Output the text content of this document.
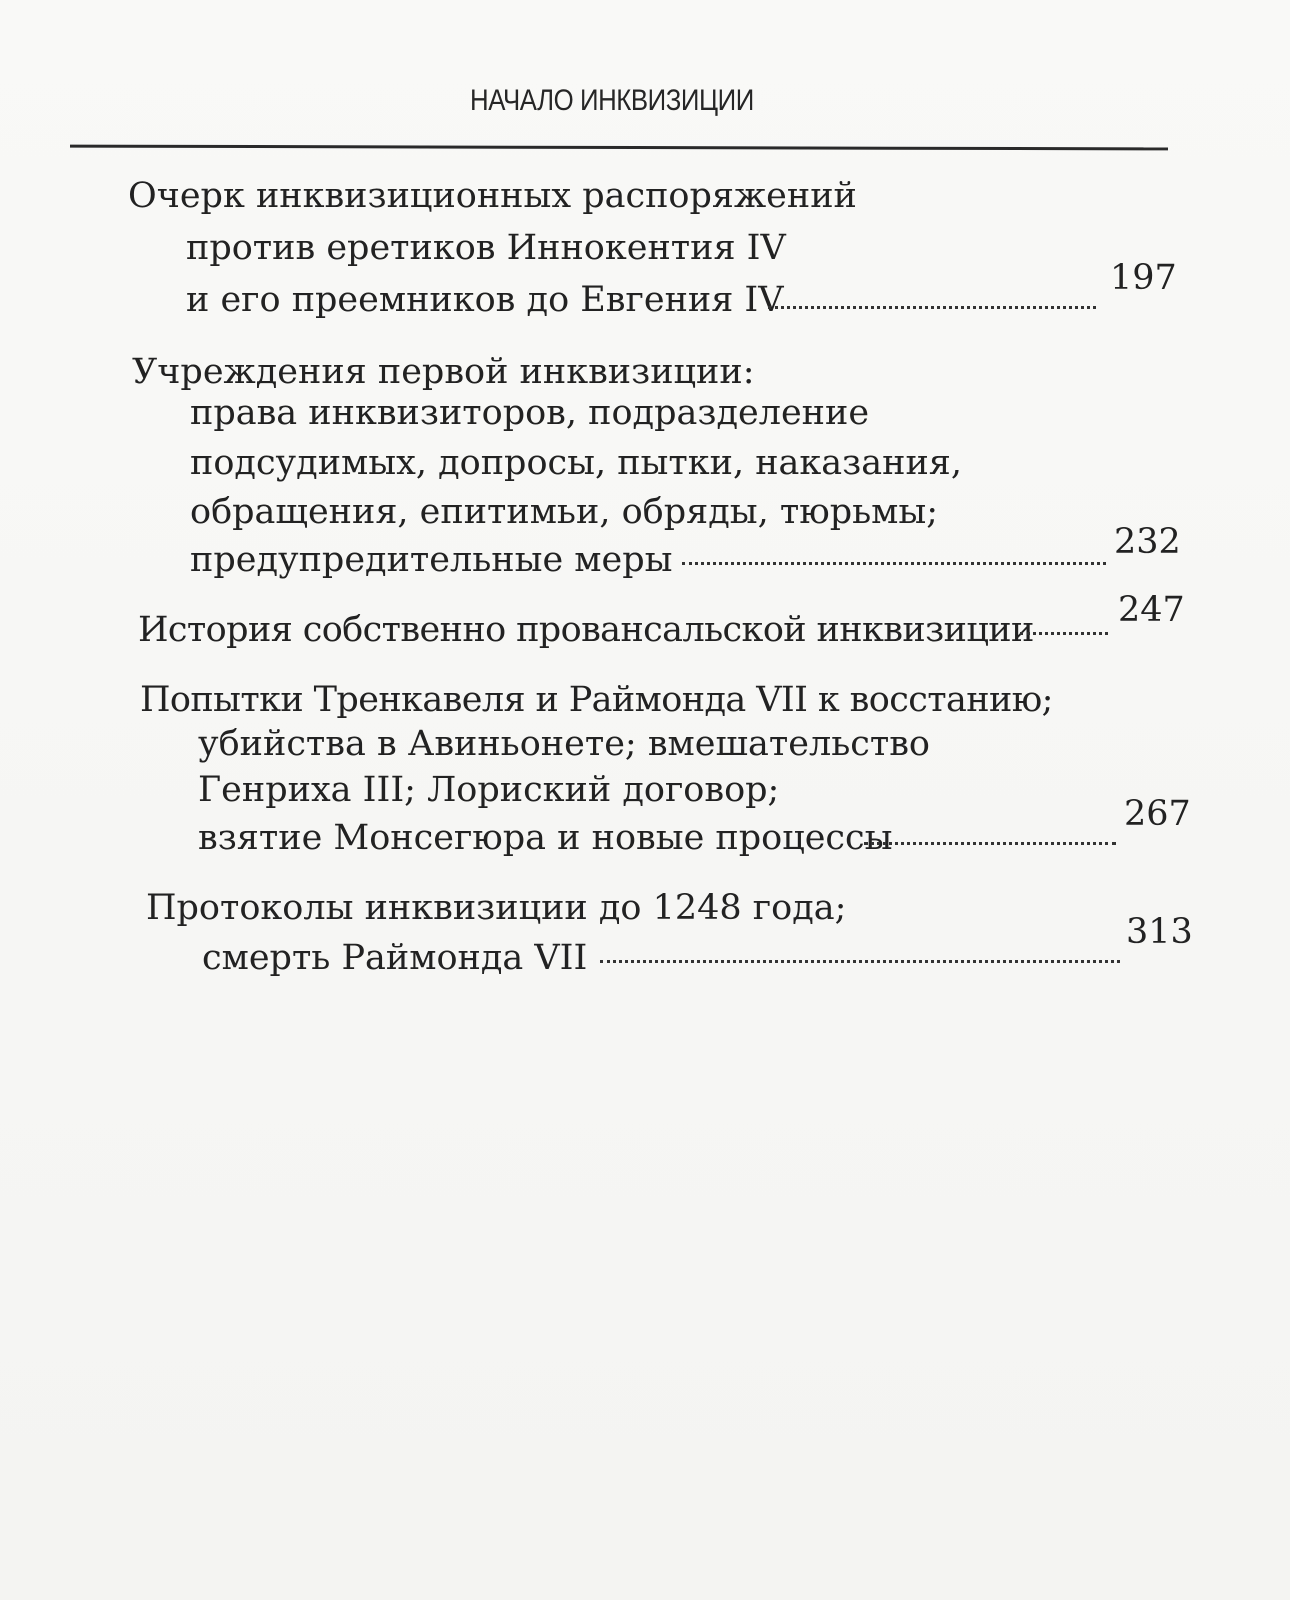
НАЧАЛО ИНКВИЗИЦИИ
Очерк инквизиционных распоряжений
против еретиков Иннокентия IV
и его преемников до Евгения IV
197
Учреждения первой инквизиции:
права инквизиторов, подразделение
подсудимых, допросы, пытки, наказания,
обращения, епитимьи, обряды, тюрьмы;
предупредительные меры	232
История собственно провансальской инквизиции 247
Попытки Тренкавеля и Раймонда VII к восстанию;
убийства в Авиньонете; вмешательство
Генриха III; Лориский договор;
взятие Монсегюра и новые процессы
267
Протоколы инквизиции до 1248 года;
смерть Раймонда VII
313
